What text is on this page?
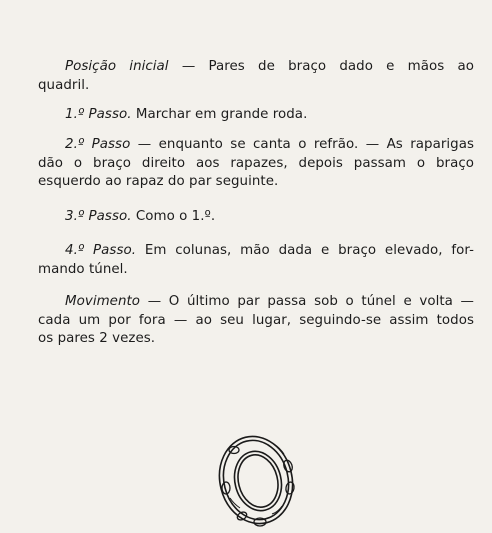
Posição inicial — Pares de braço dado e mãos ao
quadril.

1.º Passo. Marchar em grande roda.

2.º Passo — enquanto se canta o refrão. — As raparigas
dão o braço direito aos rapazes, depois passam o braço
esquerdo ao rapaz do par seguinte.

3.º Passo. Como o 1.º.

4.º Passo. Em colunas, mão dada e braço elevado, for-
mando túnel.

Movimento — O último par passa sob o túnel e volta —
cada um por fora — ao seu lugar, seguindo-se assim todos
os pares 2 vezes.
